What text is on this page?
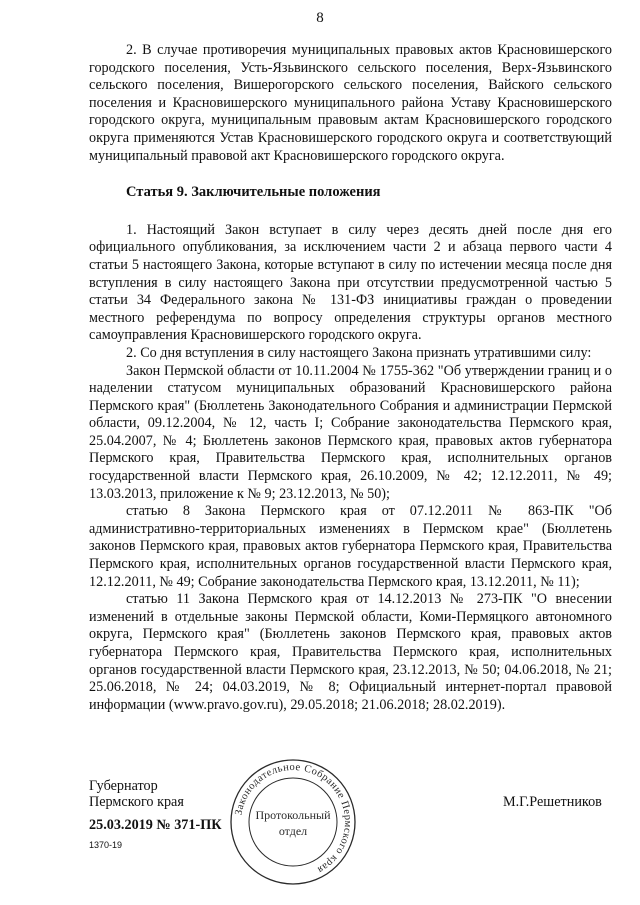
8

2. В случае противоречия муниципальных правовых актов Красновишерского городского поселения, Усть-Язьвинского сельского поселения, Верх-Язьвинского сельского поселения, Вишерогорского сельского поселения, Вайского сельского поселения и Красновишерского муниципального района Уставу Красновишерского городского округа, муниципальным правовым актам Красновишерского городского округа применяются Устав Красновишерского городского округа и соответствующий муниципальный правовой акт Красновишерского городского округа.

Статья 9. Заключительные положения

1. Настоящий Закон вступает в силу через десять дней после дня его официального опубликования, за исключением части 2 и абзаца первого части 4 статьи 5 настоящего Закона, которые вступают в силу по истечении месяца после дня вступления в силу настоящего Закона при отсутствии предусмотренной частью 5 статьи 34 Федерального закона № 131-ФЗ инициативы граждан о проведении местного референдума по вопросу определения структуры органов местного самоуправления Красновишерского городского округа.

2. Со дня вступления в силу настоящего Закона признать утратившими силу:

Закон Пермской области от 10.11.2004 № 1755-362 "Об утверждении границ и о наделении статусом муниципальных образований Красновишерского района Пермского края" (Бюллетень Законодательного Собрания и администрации Пермской области, 09.12.2004, № 12, часть I; Собрание законодательства Пермского края, 25.04.2007, № 4; Бюллетень законов Пермского края, правовых актов губернатора Пермского края, Правительства Пермского края, исполнительных органов государственной власти Пермского края, 26.10.2009, № 42; 12.12.2011, № 49; 13.03.2013, приложение к № 9; 23.12.2013, № 50);

статью 8 Закона Пермского края от 07.12.2011 № 863-ПК "Об административно-территориальных изменениях в Пермском крае" (Бюллетень законов Пермского края, правовых актов губернатора Пермского края, Правительства Пермского края, исполнительных органов государственной власти Пермского края, 12.12.2011, № 49; Собрание законодательства Пермского края, 13.12.2011, № 11);

статью 11 Закона Пермского края от 14.12.2013 № 273-ПК "О внесении изменений в отдельные законы Пермской области, Коми-Пермяцкого автономного округа, Пермского края" (Бюллетень законов Пермского края, правовых актов губернатора Пермского края, Правительства Пермского края, исполнительных органов государственной власти Пермского края, 23.12.2013, № 50; 04.06.2018, № 21; 25.06.2018, № 24; 04.03.2019, № 8; Официальный интернет-портал правовой информации (www.pravo.gov.ru), 29.05.2018; 21.06.2018; 28.02.2019).

Губернатор
Пермского края	М.Г.Решетников
25.03.2019 № 371-ПК
1370-19
Законодательное Собрание Пермского края
Протокольный
отдел
